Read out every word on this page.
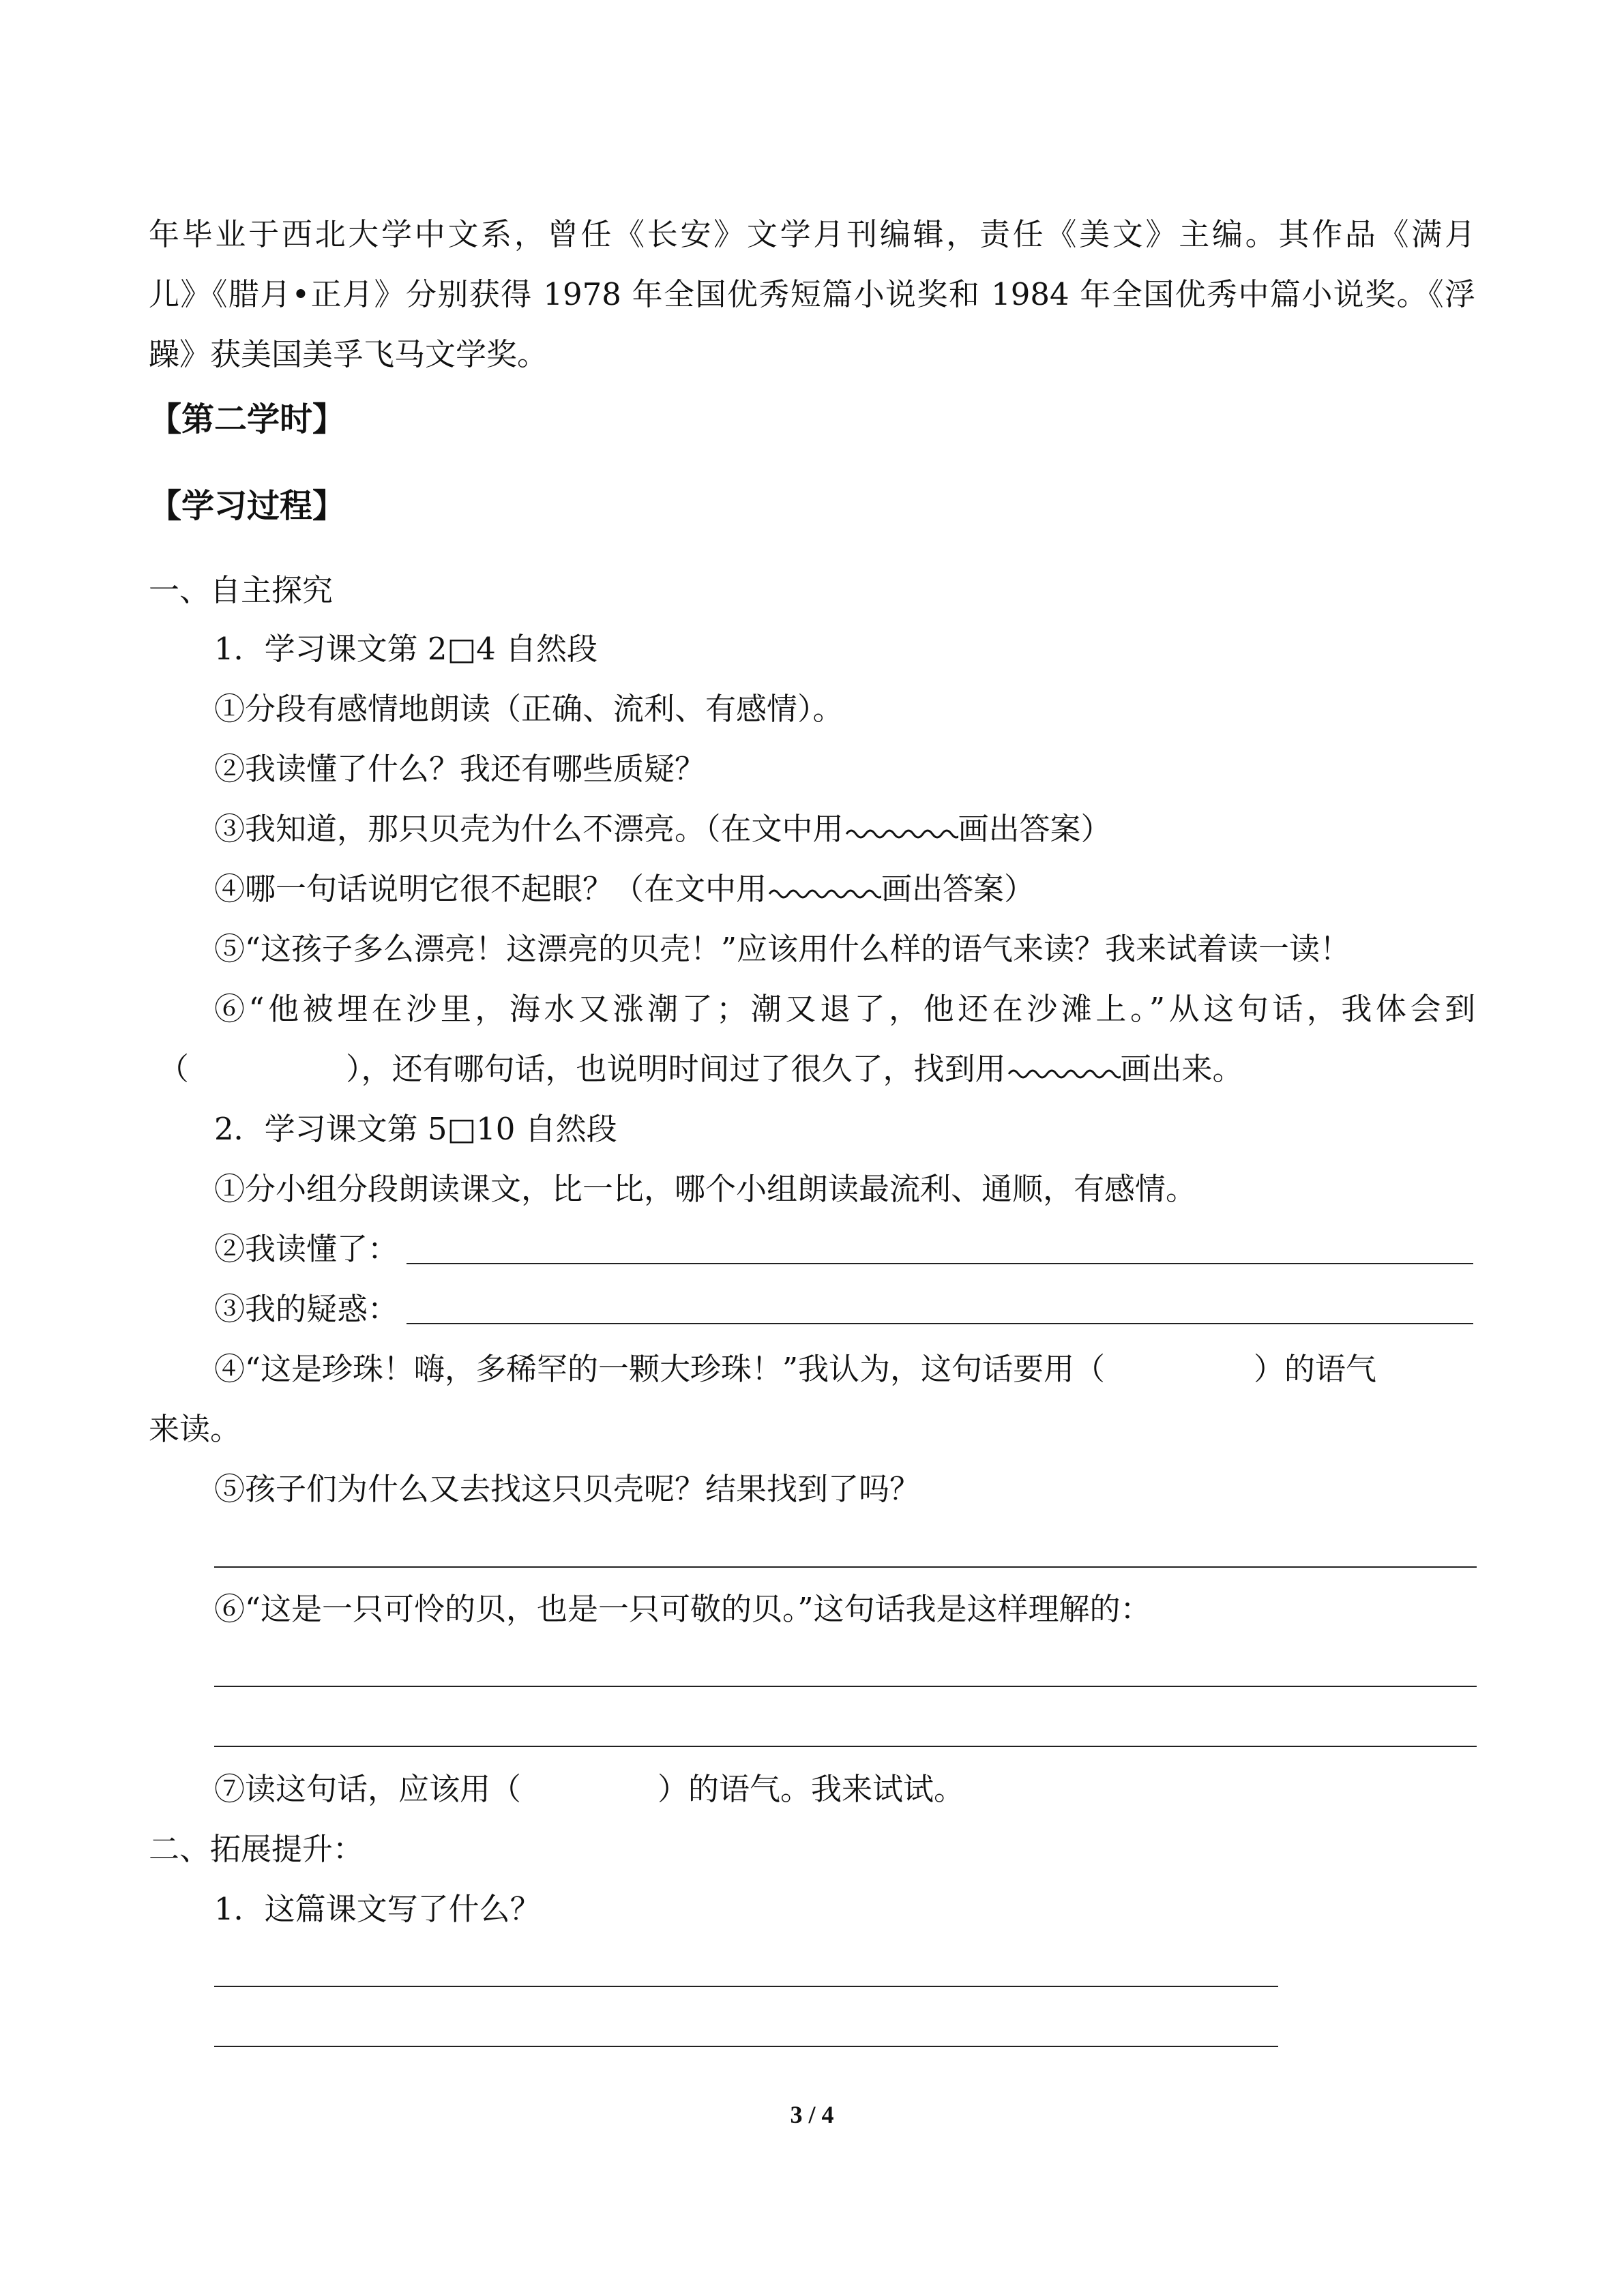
年毕业于西北大学中文系，曾任《长安》文学月刊编辑，责任《美文》主编。其作品《满月
儿》《腊月•正月》分别获得 1978 年全国优秀短篇小说奖和 1984 年全国优秀中篇小说奖。《浮
躁》获美国美孚飞马文学奖。
【第二学时】
【学习过程】
一、自主探究
1．学习课文第 2□4 自然段
①分段有感情地朗读（正确、流利、有感情）。
②我读懂了什么？我还有哪些质疑？
③我知道，那只贝壳为什么不漂亮。（在文中用	画出答案）
④哪一句话说明它很不起眼？（在文中用	画出答案）
⑤“这孩子多么漂亮！这漂亮的贝壳！”应该用什么样的语气来读？我来试着读一读！
⑥“他被埋在沙里，海水又涨潮了；潮又退了，他还在沙滩上。”从这句话，我体会到
（	），还有哪句话，也说明时间过了很久了，找到用	画出来。
2．学习课文第 5□10 自然段
①分小组分段朗读课文，比一比，哪个小组朗读最流利、通顺，有感情。
②我读懂了：
③我的疑惑：
④“这是珍珠！嗨，多稀罕的一颗大珍珠！”我认为，这句话要用（	）的语气
来读。
⑤孩子们为什么又去找这只贝壳呢？结果找到了吗？
⑥“这是一只可怜的贝，也是一只可敬的贝。”这句话我是这样理解的：
⑦读这句话，应该用（	）的语气。我来试试。
二、拓展提升：
1．这篇课文写了什么？
3 / 4
